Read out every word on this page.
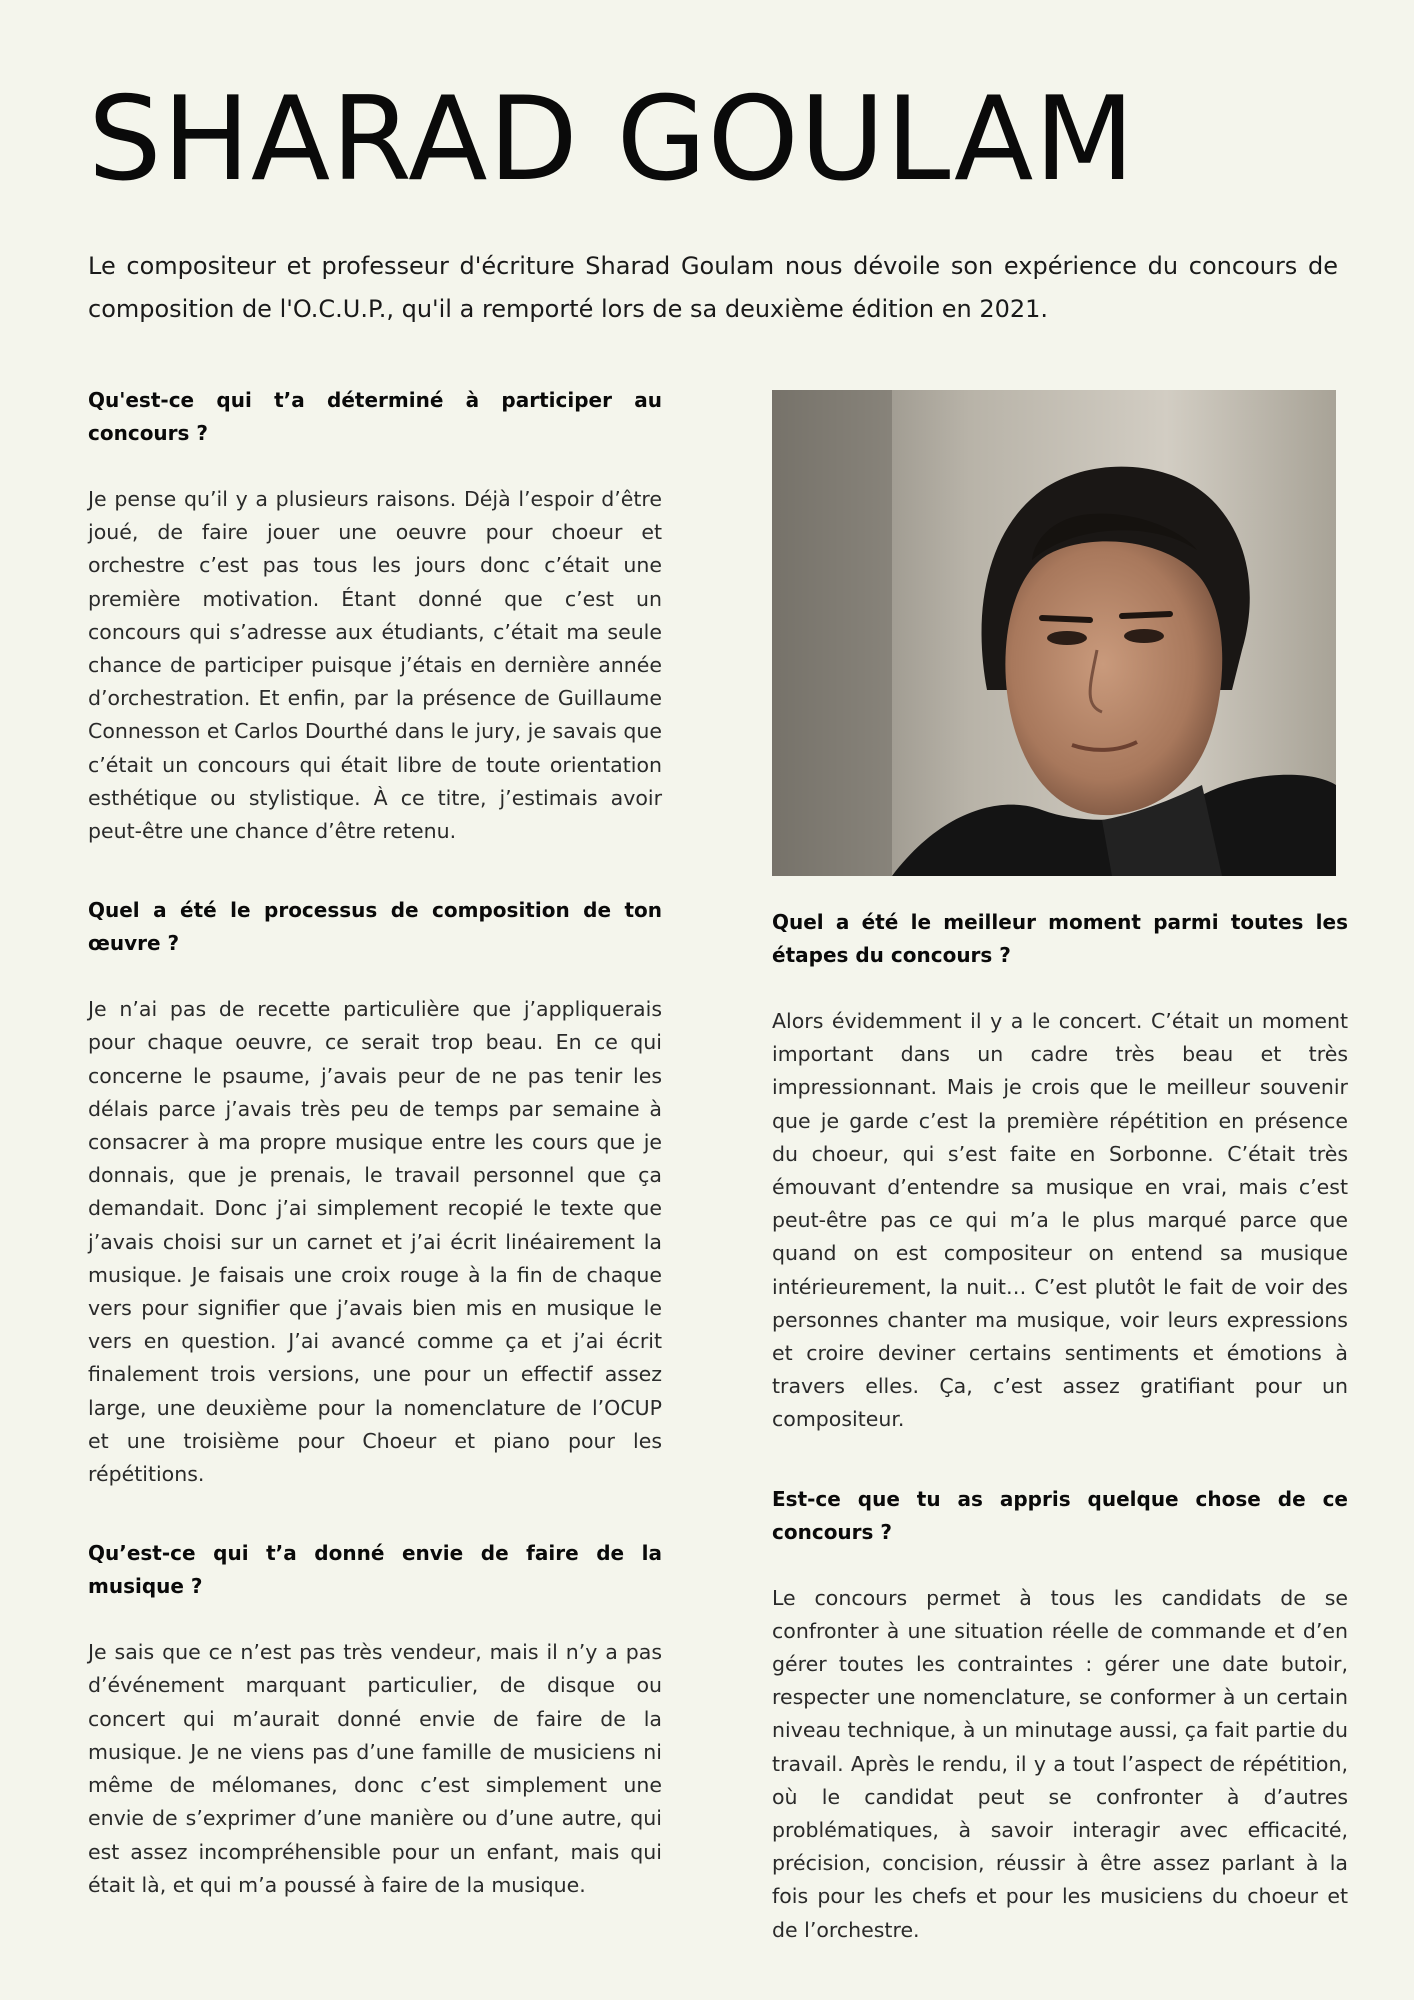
SHARAD GOULAM

Le compositeur et professeur d'écriture Sharad Goulam nous dévoile son expérience du concours de composition de l'O.C.U.P., qu'il a remporté lors de sa deuxième édition en 2021.

Qu'est-ce qui t’a déterminé à participer au concours ?

Je pense qu’il y a plusieurs raisons. Déjà l’espoir d’être joué, de faire jouer une oeuvre pour choeur et orchestre c’est pas tous les jours donc c’était une première motivation. Étant donné que c’est un concours qui s’adresse aux étudiants, c’était ma seule chance de participer puisque j’étais en dernière année d’orchestration. Et enfin, par la présence de Guillaume Connesson et Carlos Dourthé dans le jury, je savais que c’était un concours qui était libre de toute orientation esthétique ou stylistique. À ce titre, j’estimais avoir peut-être une chance d’être retenu.

Quel a été le processus de composition de ton œuvre ?

Je n’ai pas de recette particulière que j’appliquerais pour chaque oeuvre, ce serait trop beau. En ce qui concerne le psaume, j’avais peur de ne pas tenir les délais parce j’avais très peu de temps par semaine à consacrer à ma propre musique entre les cours que je donnais, que je prenais, le travail personnel que ça demandait. Donc j’ai simplement recopié le texte que j’avais choisi sur un carnet et j’ai écrit linéairement la musique. Je faisais une croix rouge à la fin de chaque vers pour signifier que j’avais bien mis en musique le vers en question. J’ai avancé comme ça et j’ai écrit finalement trois versions, une pour un effectif assez large, une deuxième pour la nomenclature de l’OCUP et une troisième pour Choeur et piano pour les répétitions.

Qu’est-ce qui t’a donné envie de faire de la musique ?

Je sais que ce n’est pas très vendeur, mais il n’y a pas d’événement marquant particulier, de disque ou concert qui m’aurait donné envie de faire de la musique. Je ne viens pas d’une famille de musiciens ni même de mélomanes, donc c’est simplement une envie de s’exprimer d’une manière ou d’une autre, qui est assez incompréhensible pour un enfant, mais qui était là, et qui m’a poussé à faire de la musique.

Quel a été le meilleur moment parmi toutes les étapes du concours ?

Alors évidemment il y a le concert. C’était un moment important dans un cadre très beau et très impressionnant. Mais je crois que le meilleur souvenir que je garde c’est la première répétition en présence du choeur, qui s’est faite en Sorbonne. C’était très émouvant d’entendre sa musique en vrai, mais c’est peut-être pas ce qui m’a le plus marqué parce que quand on est compositeur on entend sa musique intérieurement, la nuit… C’est plutôt le fait de voir des personnes chanter ma musique, voir leurs expressions et croire deviner certains sentiments et émotions à travers elles. Ça, c’est assez gratifiant pour un compositeur.

Est-ce que tu as appris quelque chose de ce concours ?

Le concours permet à tous les candidats de se confronter à une situation réelle de commande et d’en gérer toutes les contraintes : gérer une date butoir, respecter une nomenclature, se conformer à un certain niveau technique, à un minutage aussi, ça fait partie du travail. Après le rendu, il y a tout l’aspect de répétition, où le candidat peut se confronter à d’autres problématiques, à savoir interagir avec efficacité, précision, concision, réussir à être assez parlant à la fois pour les chefs et pour les musiciens du choeur et de l’orchestre.
